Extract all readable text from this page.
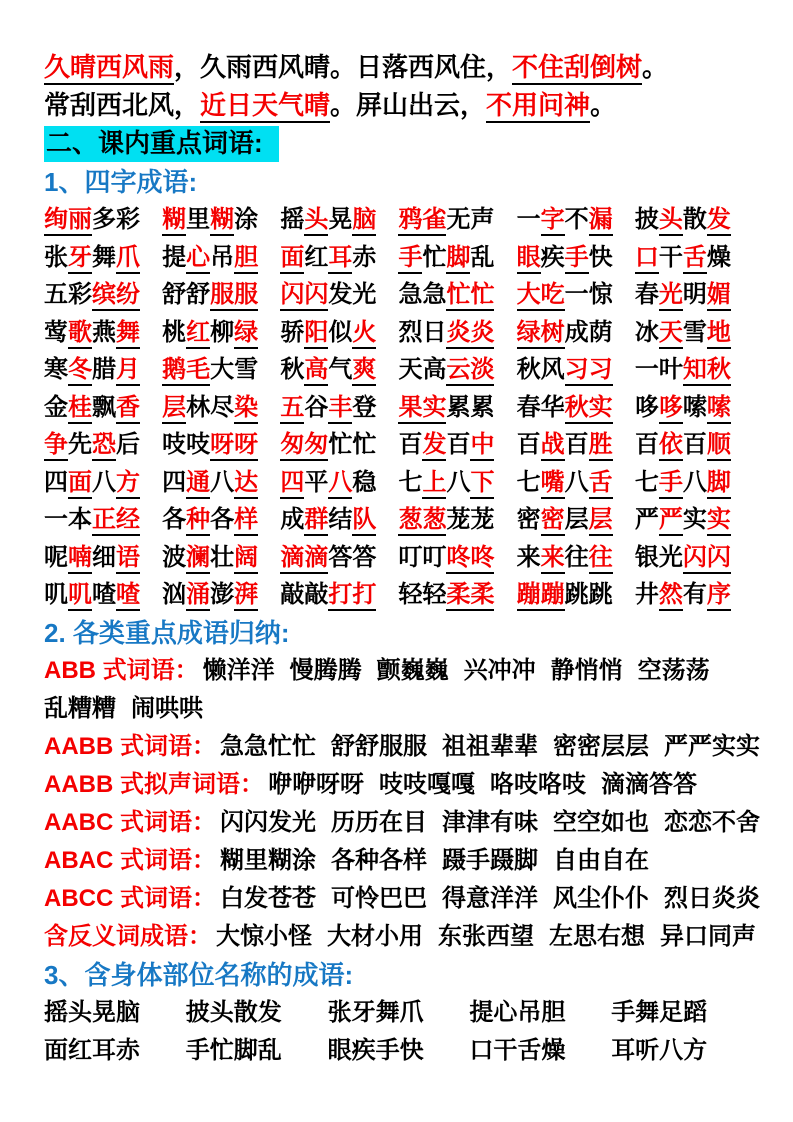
久晴西风雨，久雨西风晴。日落西风住，不住刮倒树。

常刮西北风，近日天气晴。屏山出云，不用问神。

二、课内重点词语:
1、四字成语:
绚丽多彩 糊里糊涂 摇头晃脑 鸦雀无声 一字不漏 披头散发
张牙舞爪 提心吊胆 面红耳赤 手忙脚乱 眼疾手快 口干舌燥
五彩缤纷 舒舒服服 闪闪发光 急急忙忙 大吃一惊 春光明媚
莺歌燕舞 桃红柳绿 骄阳似火 烈日炎炎 绿树成荫 冰天雪地
寒冬腊月 鹅毛大雪 秋高气爽 天高云淡 秋风习习 一叶知秋
金桂飘香 层林尽染 五谷丰登 果实累累 春华秋实 哆哆嗦嗦
争先恐后 吱吱呀呀 匆匆忙忙 百发百中 百战百胜 百依百顺
四面八方 四通八达 四平八稳 七上八下 七嘴八舌 七手八脚
一本正经 各种各样 成群结队 葱葱茏茏 密密层层 严严实实
呢喃细语 波澜壮阔 滴滴答答 叮叮咚咚 来来往往 银光闪闪
叽叽喳喳 汹涌澎湃 敲敲打打 轻轻柔柔 蹦蹦跳跳 井然有序
2. 各类重点成语归纳:

ABB 式词语： 懒洋洋 慢腾腾 颤巍巍 兴冲冲 静悄悄 空荡荡

乱糟糟 闹哄哄

AABB 式词语： 急急忙忙 舒舒服服 祖祖辈辈 密密层层 严严实实

AABB 式拟声词语： 咿咿呀呀 吱吱嘎嘎 咯吱咯吱 滴滴答答

AABC 式词语： 闪闪发光 历历在目 津津有味 空空如也 恋恋不舍

ABAC 式词语： 糊里糊涂 各种各样 蹑手蹑脚 自由自在

ABCC 式词语： 白发苍苍 可怜巴巴 得意洋洋 风尘仆仆 烈日炎炎

含反义词成语： 大惊小怪 大材小用 东张西望 左思右想 异口同声

3、含身体部位名称的成语:
摇头晃脑	披头散发	张牙舞爪	提心吊胆	手舞足蹈
面红耳赤	手忙脚乱	眼疾手快	口干舌燥	耳听八方
